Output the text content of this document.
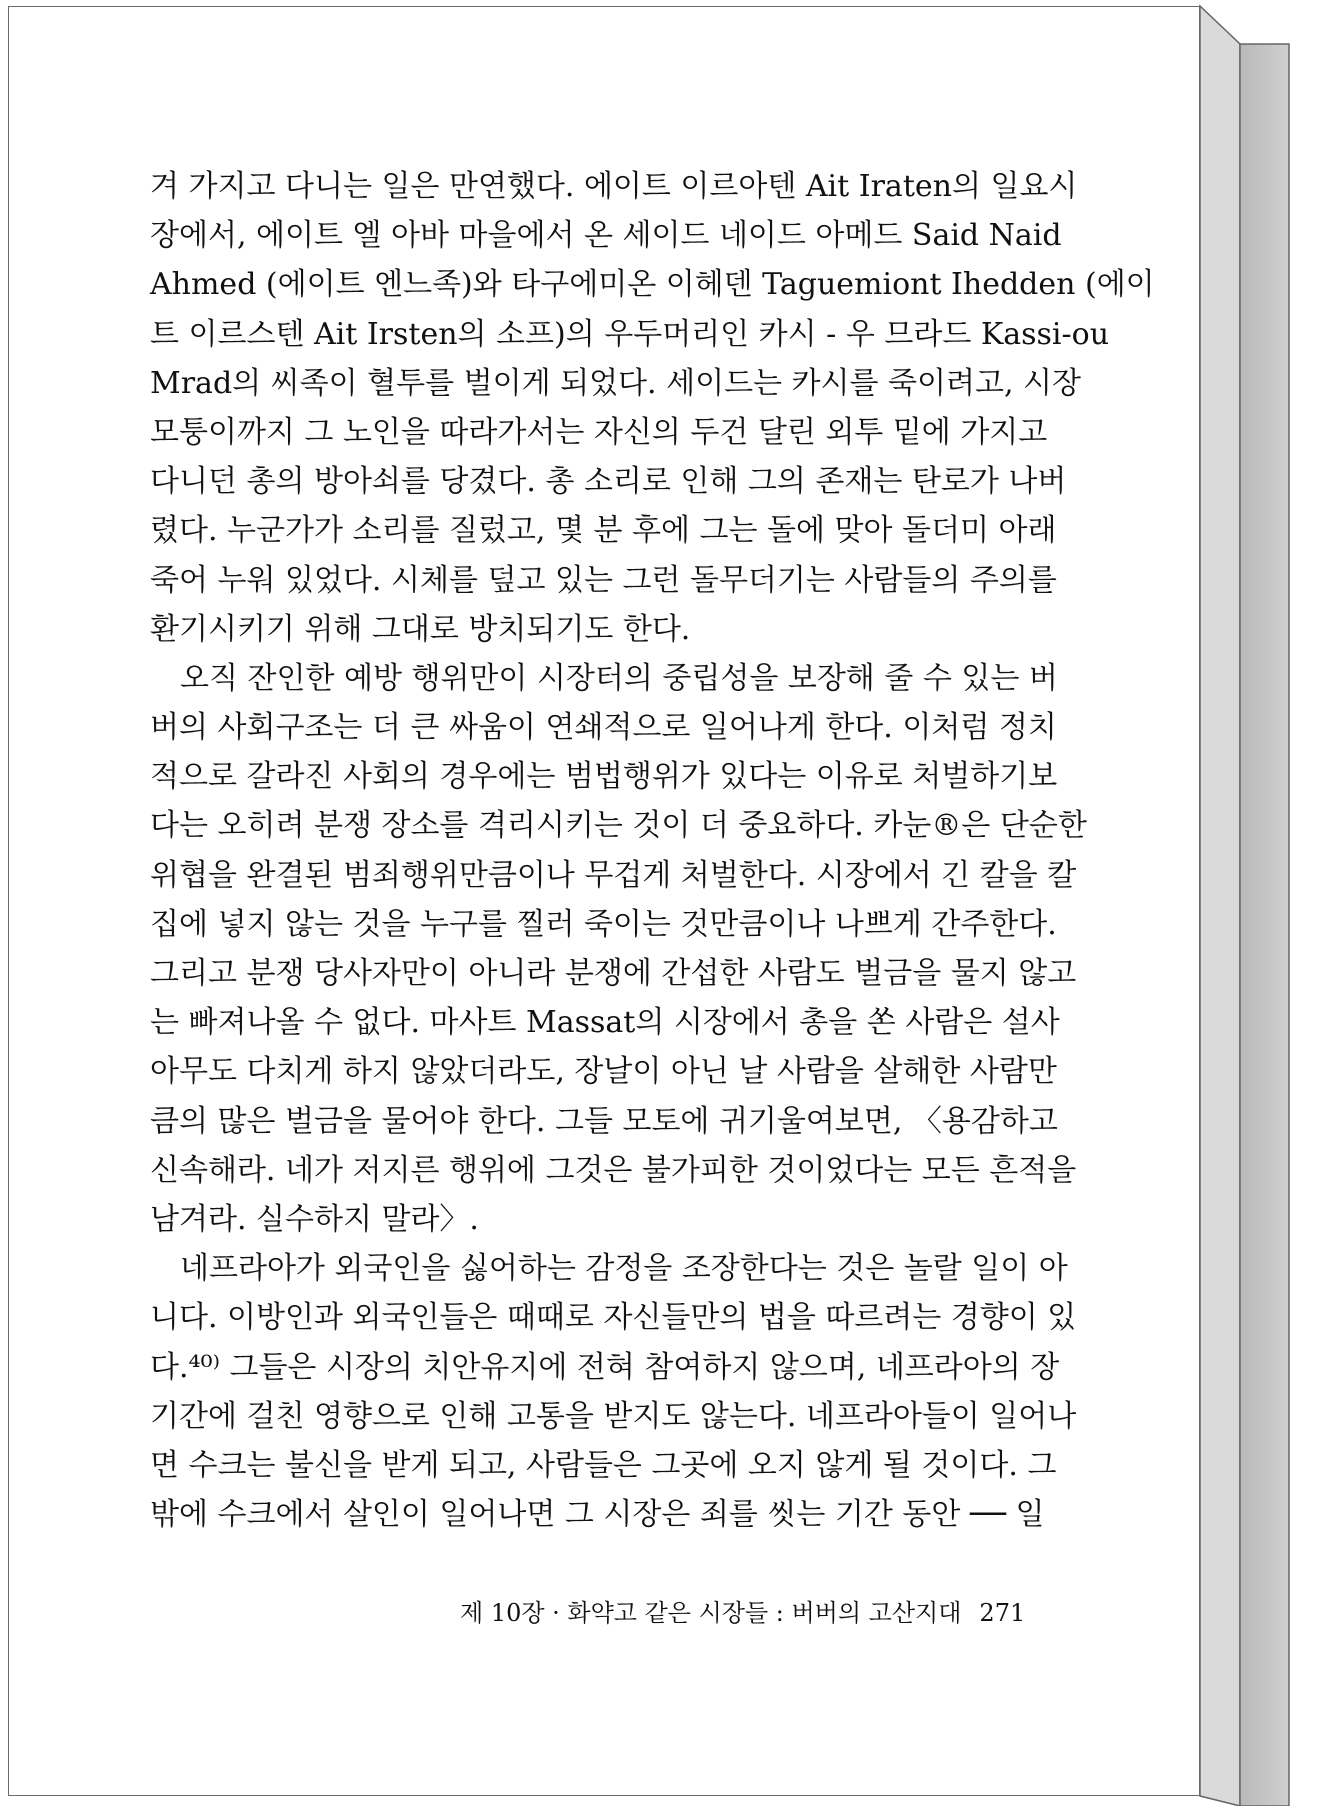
겨 가지고 다니는 일은 만연했다. 에이트 이르아텐 Ait Iraten의 일요시
장에서, 에이트 엘 아바 마을에서 온 세이드 네이드 아메드 Said Naid
Ahmed (에이트 엔느족)와 타구에미온 이헤덴 Taguemiont Ihedden (에이
트 이르스텐 Ait Irsten의 소프)의 우두머리인 카시 - 우 므라드 Kassi-ou
Mrad의 씨족이 혈투를 벌이게 되었다. 세이드는 카시를 죽이려고, 시장
모퉁이까지 그 노인을 따라가서는 자신의 두건 달린 외투 밑에 가지고
다니던 총의 방아쇠를 당겼다. 총 소리로 인해 그의 존재는 탄로가 나버
렸다. 누군가가 소리를 질렀고, 몇 분 후에 그는 돌에 맞아 돌더미 아래
죽어 누워 있었다. 시체를 덮고 있는 그런 돌무더기는 사람들의 주의를
환기시키기 위해 그대로 방치되기도 한다.
오직 잔인한 예방 행위만이 시장터의 중립성을 보장해 줄 수 있는 버
버의 사회구조는 더 큰 싸움이 연쇄적으로 일어나게 한다. 이처럼 정치
적으로 갈라진 사회의 경우에는 범법행위가 있다는 이유로 처벌하기보
다는 오히려 분쟁 장소를 격리시키는 것이 더 중요하다. 카눈®은 단순한
위협을 완결된 범죄행위만큼이나 무겁게 처벌한다. 시장에서 긴 칼을 칼
집에 넣지 않는 것을 누구를 찔러 죽이는 것만큼이나 나쁘게 간주한다.
그리고 분쟁 당사자만이 아니라 분쟁에 간섭한 사람도 벌금을 물지 않고
는 빠져나올 수 없다. 마사트 Massat의 시장에서 총을 쏜 사람은 설사
아무도 다치게 하지 않았더라도, 장날이 아닌 날 사람을 살해한 사람만
큼의 많은 벌금을 물어야 한다. 그들 모토에 귀기울여보면, 〈용감하고
신속해라. 네가 저지른 행위에 그것은 불가피한 것이었다는 모든 흔적을
남겨라. 실수하지 말라〉.
네프라아가 외국인을 싫어하는 감정을 조장한다는 것은 놀랄 일이 아
니다. 이방인과 외국인들은 때때로 자신들만의 법을 따르려는 경향이 있
다.⁴⁰⁾ 그들은 시장의 치안유지에 전혀 참여하지 않으며, 네프라아의 장
기간에 걸친 영향으로 인해 고통을 받지도 않는다. 네프라아들이 일어나
면 수크는 불신을 받게 되고, 사람들은 그곳에 오지 않게 될 것이다. 그
밖에 수크에서 살인이 일어나면 그 시장은 죄를 씻는 기간 동안 ── 일
제 10장 · 화약고 같은 시장들 : 버버의 고산지대 271
